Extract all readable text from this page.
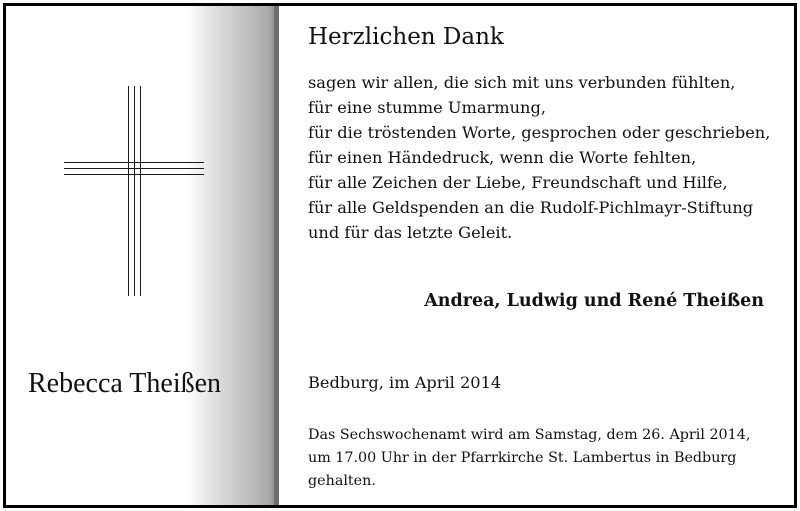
Rebecca Theißen
Herzlichen Dank
sagen wir allen, die sich mit uns verbunden fühlten,
für eine stumme Umarmung,
für die tröstenden Worte, gesprochen oder geschrieben,
für einen Händedruck, wenn die Worte fehlten,
für alle Zeichen der Liebe, Freundschaft und Hilfe,
für alle Geldspenden an die Rudolf-Pichlmayr-Stiftung
und für das letzte Geleit.
Andrea, Ludwig und René Theißen
Bedburg, im April 2014
Das Sechswochenamt wird am Samstag, dem 26. April 2014,
um 17.00 Uhr in der Pfarrkirche St. Lambertus in Bedburg
gehalten.
